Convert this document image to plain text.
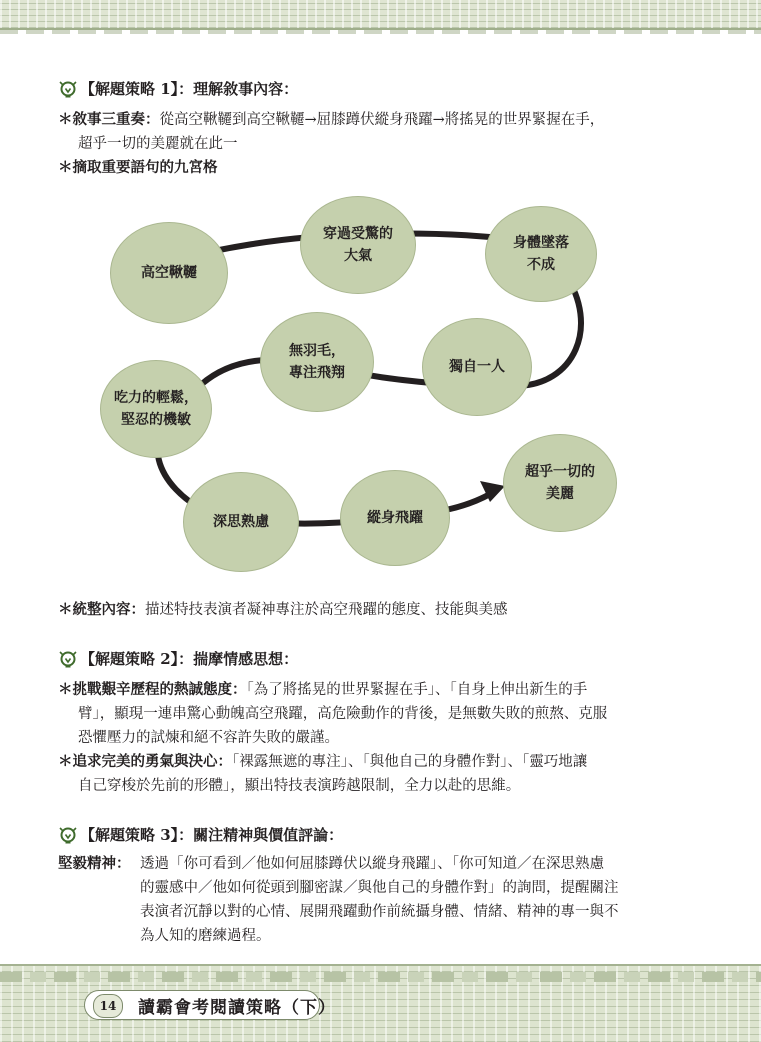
【解題策略 1】：理解敘事內容：
＊敘事三重奏：從高空鞦韆到高空鞦韆→屈膝蹲伏縱身飛躍→將搖晃的世界緊握在手，
超乎一切的美麗就在此一
＊摘取重要語句的九宮格
高空鞦韆
穿過受驚的
大氣
身體墜落
不成
無羽毛，
專注飛翔	獨自一人
吃力的輕鬆，
堅忍的機敏
超乎一切的
美麗
深思熟慮	縱身飛躍
＊統整內容：描述特技表演者凝神專注於高空飛躍的態度、技能與美感
【解題策略 2】：揣摩情感思想：
＊挑戰艱辛歷程的熱誠態度：「為了將搖晃的世界緊握在手」、「自身上伸出新生的手
臂」，顯現一連串驚心動魄高空飛躍，高危險動作的背後，是無數失敗的煎熬、克服
恐懼壓力的試煉和絕不容許失敗的嚴謹。
＊追求完美的勇氣與決心：「裸露無遮的專注」、「與他自己的身體作對」、「靈巧地讓
自己穿梭於先前的形體」，顯出特技表演跨越限制，全力以赴的思維。
【解題策略 3】：關注精神與價值評論：
堅毅精神： 透過「你可看到／他如何屈膝蹲伏以縱身飛躍」、「你可知道／在深思熟慮
的靈感中／他如何從頭到腳密謀／與他自己的身體作對」的詢問，提醒關注
表演者沉靜以對的心情、展開飛躍動作前統攝身體、情緒、精神的專一與不
為人知的磨練過程。
14	讀霸會考閱讀策略（下）
